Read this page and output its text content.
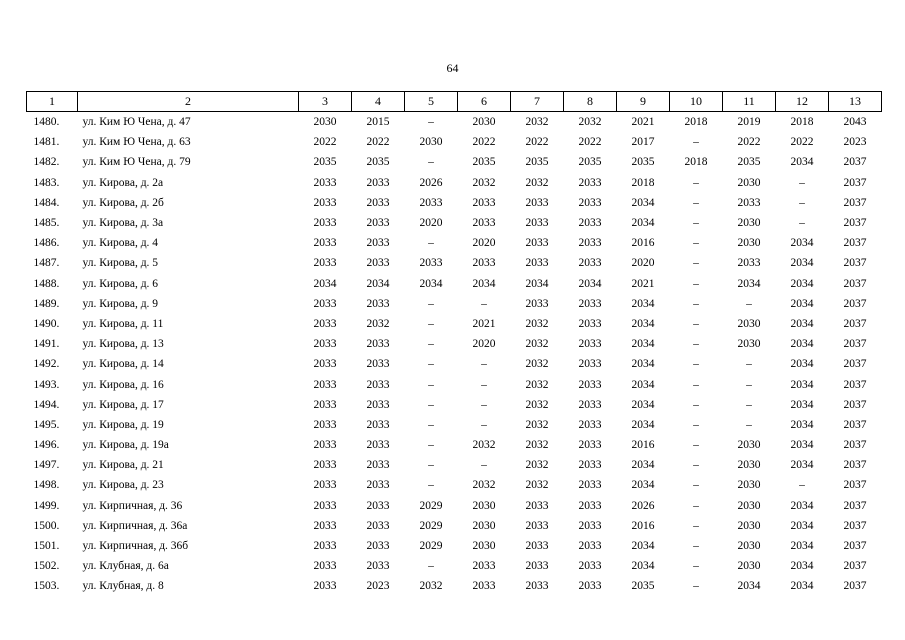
64
1	2	3	4	5	6	7	8	9	10	11	12	13
1480.	ул. Ким Ю Чена, д. 47	2030	2015	–	2030	2032	2032	2021	2018	2019	2018	2043
1481.	ул. Ким Ю Чена, д. 63	2022	2022	2030	2022	2022	2022	2017	–	2022	2022	2023
1482.	ул. Ким Ю Чена, д. 79	2035	2035	–	2035	2035	2035	2035	2018	2035	2034	2037
1483.	ул. Кирова, д. 2а	2033	2033	2026	2032	2032	2033	2018	–	2030	–	2037
1484.	ул. Кирова, д. 2б	2033	2033	2033	2033	2033	2033	2034	–	2033	–	2037
1485.	ул. Кирова, д. 3а	2033	2033	2020	2033	2033	2033	2034	–	2030	–	2037
1486.	ул. Кирова, д. 4	2033	2033	–	2020	2033	2033	2016	–	2030	2034	2037
1487.	ул. Кирова, д. 5	2033	2033	2033	2033	2033	2033	2020	–	2033	2034	2037
1488.	ул. Кирова, д. 6	2034	2034	2034	2034	2034	2034	2021	–	2034	2034	2037
1489.	ул. Кирова, д. 9	2033	2033	–	–	2033	2033	2034	–	–	2034	2037
1490.	ул. Кирова, д. 11	2033	2032	–	2021	2032	2033	2034	–	2030	2034	2037
1491.	ул. Кирова, д. 13	2033	2033	–	2020	2032	2033	2034	–	2030	2034	2037
1492.	ул. Кирова, д. 14	2033	2033	–	–	2032	2033	2034	–	–	2034	2037
1493.	ул. Кирова, д. 16	2033	2033	–	–	2032	2033	2034	–	–	2034	2037
1494.	ул. Кирова, д. 17	2033	2033	–	–	2032	2033	2034	–	–	2034	2037
1495.	ул. Кирова, д. 19	2033	2033	–	–	2032	2033	2034	–	–	2034	2037
1496.	ул. Кирова, д. 19а	2033	2033	–	2032	2032	2033	2016	–	2030	2034	2037
1497.	ул. Кирова, д. 21	2033	2033	–	–	2032	2033	2034	–	2030	2034	2037
1498.	ул. Кирова, д. 23	2033	2033	–	2032	2032	2033	2034	–	2030	–	2037
1499.	ул. Кирпичная, д. 36	2033	2033	2029	2030	2033	2033	2026	–	2030	2034	2037
1500.	ул. Кирпичная, д. 36а	2033	2033	2029	2030	2033	2033	2016	–	2030	2034	2037
1501.	ул. Кирпичная, д. 36б	2033	2033	2029	2030	2033	2033	2034	–	2030	2034	2037
1502.	ул. Клубная, д. 6а	2033	2033	–	2033	2033	2033	2034	–	2030	2034	2037
1503.	ул. Клубная, д. 8	2033	2023	2032	2033	2033	2033	2035	–	2034	2034	2037
